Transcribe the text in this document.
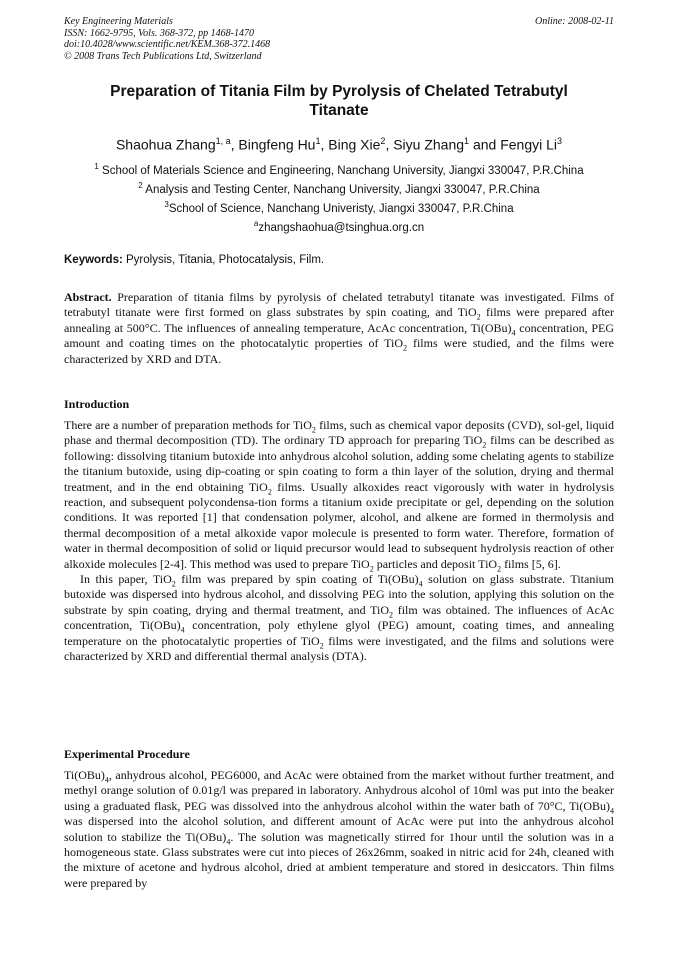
Key Engineering Materials
ISSN: 1662-9795, Vols. 368-372, pp 1468-1470
doi:10.4028/www.scientific.net/KEM.368-372.1468
© 2008 Trans Tech Publications Ltd, Switzerland
Online: 2008-02-11
Preparation of Titania Film by Pyrolysis of Chelated Tetrabutyl
Titanate
Shaohua Zhang$^{1, a}$, Bingfeng Hu$^1$, Bing Xie$^2$, Siyu Zhang$^1$ and Fengyi Li$^3$
$^1$ School of Materials Science and Engineering, Nanchang University, Jiangxi 330047, P.R.China
$^2$ Analysis and Testing Center, Nanchang University, Jiangxi 330047, P.R.China
$^3$School of Science, Nanchang Univeristy, Jiangxi 330047, P.R.China
$^a$zhangshaohua@tsinghua.org.cn
Keywords: Pyrolysis, Titania, Photocatalysis, Film.
Abstract. Preparation of titania films by pyrolysis of chelated tetrabutyl titanate was investigated. Films of tetrabutyl titanate were first formed on glass substrates by spin coating, and TiO$_2$ films were prepared after annealing at 500°C. The influences of annealing temperature, AcAc concentration, $Ti(OBu)_4$ concentration, PEG amount and coating times on the photocatalytic properties of TiO$_2$ films were studied, and the films were characterized by XRD and DTA.
Introduction
There are a number of preparation methods for TiO$_2$ films, such as chemical vapor deposits (CVD), sol-gel, liquid phase and thermal decomposition (TD). The ordinary TD approach for preparing TiO$_2$ films can be described as following: dissolving titanium butoxide into anhydrous alcohol solution, adding some chelating agents to stabilize the titanium butoxide, using dip-coating or spin coating to form a thin layer of the solution, drying and thermal treatment, and in the end obtaining TiO$_2$ films. Usually alkoxides react vigorously with water in hydrolysis reaction, and subsequent polycondensa-tion forms a titanium oxide precipitate or gel, depending on the solution conditions. It was reported [1] that condensation polymer, alcohol, and alkene are formed in thermolysis and thermal decomposition of a metal alkoxide vapor molecule is presented to form water. Therefore, formation of water in thermal decomposition of solid or liquid precursor would lead to subsequent hydrolysis reaction of other alkoxide molecules [2-4]. This method was used to prepare TiO$_2$ particles and deposit TiO$_2$ films [5, 6].
In this paper, TiO$_2$ film was prepared by spin coating of $Ti(OBu)_4$ solution on glass substrate. Titanium butoxide was dispersed into hydrous alcohol, and dissolving PEG into the solution, applying this solution on the substrate by spin coating, drying and thermal treatment, and TiO$_2$ film was obtained. The influences of AcAc concentration, $Ti(OBu)_4$ concentration, poly ethylene glyol (PEG) amount, coating times, and annealing temperature on the photocatalytic properties of TiO$_2$ films were investigated, and the films and solutions were characterized by XRD and differential thermal analysis (DTA).
Experimental Procedure
$Ti(OBu)_4$, anhydrous alcohol, PEG6000, and AcAc were obtained from the market without further treatment, and methyl orange solution of 0.01g/l was prepared in laboratory. Anhydrous alcohol of 10ml was put into the beaker using a graduated flask, PEG was dissolved into the anhydrous alcohol within the water bath of 70°C, $Ti(OBu)_4$ was dispersed into the alcohol solution, and different amount of AcAc were put into the anhydrous alcohol solution to stabilize the $Ti(OBu)_4$. The solution was magnetically stirred for 1hour until the solution was in a homogeneous state. Glass substrates were cut into pieces of 26x26mm, soaked in nitric acid for 24h, cleaned with the mixture of acetone and hydrous alcohol, dried at ambient temperature and stored in desiccators. Thin films were prepared by
